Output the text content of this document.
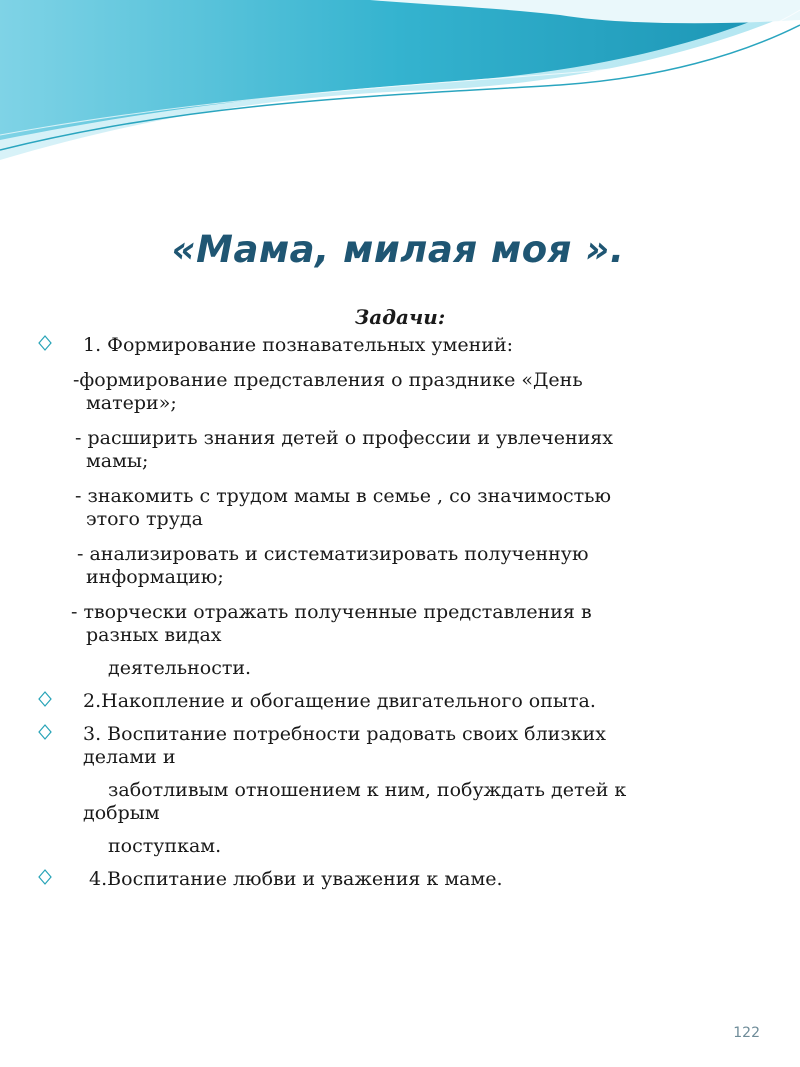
«Мама, милая моя ».
Задачи:
1. Формирование познавательных умений:
-формирование представления о празднике «День
матери»;
- расширить знания детей о профессии и увлечениях
мамы;
- знакомить с трудом мамы в семье , со значимостью
этого труда
- анализировать и систематизировать полученную
информацию;
- творчески отражать полученные представления в
разных видах
деятельности.
2.Накопление и обогащение двигательного опыта.
3. Воспитание потребности радовать своих близких
делами и
заботливым отношением к ним, побуждать детей к
добрым
поступкам.
4.Воспитание любви и уважения к маме.
122
